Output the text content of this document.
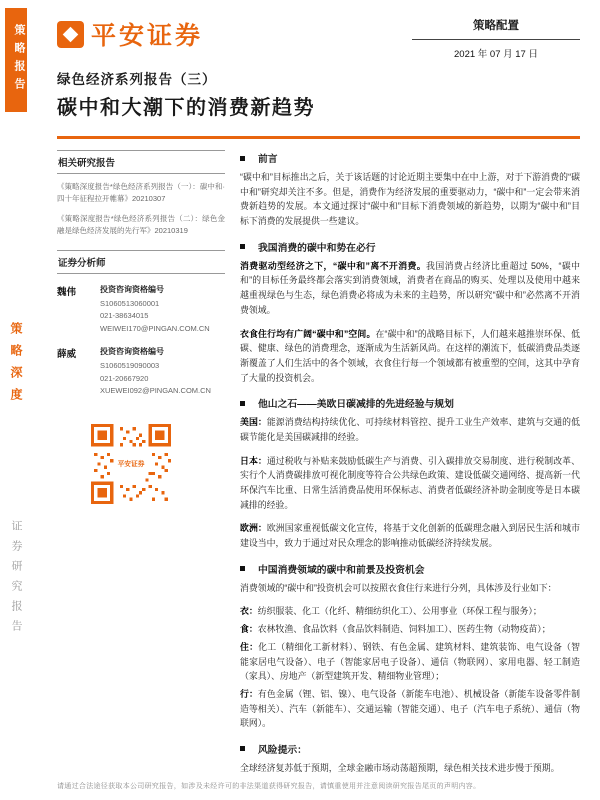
策略报告
策略深度
证券研究报告
平安证券	策略配置
2021 年 07 月 17 日
绿色经济系列报告（三）
碳中和大潮下的消费新趋势
相关研究报告

《策略深度报告*绿色经济系列报告（一）：碳中和·四十年征程拉开帷幕》20210307

《策略深度报告*绿色经济系列报告（二）：绿色金融是绿色经济发展的先行军》20210319

证券分析师
魏伟	投资咨询资格编号
S1060513060001
021-38634015
WEIWEI170@PINGAN.COM.CN
薛威	投资咨询资格编号
S1060519090003
021-20667920
XUEWEI092@PINGAN.COM.CN
平安证券
前言

“碳中和”目标推出之后，关于该话题的讨论近期主要集中在中上游，对于下游消费的“碳中和”研究却关注不多。但是，消费作为经济发展的重要驱动力，“碳中和”一定会带来消费新趋势的发展。本文通过探讨“碳中和”目标下消费领域的新趋势，以期为“碳中和”目标下消费的发展提供一些建议。

我国消费的碳中和势在必行

消费驱动型经济之下，“碳中和”离不开消费。我国消费占经济比重超过 50%，“碳中和”的目标任务最终都会落实到消费领域，消费者在商品的购买、处理以及使用中越来越重视绿色与生态，绿色消费必将成为未来的主趋势，所以研究“碳中和”必然离不开消费领域。

衣食住行均有广阔“碳中和”空间。在“碳中和”的战略目标下，人们越来越推崇环保、低碳、健康、绿色的消费理念，逐渐成为生活新风尚。在这样的潮流下，低碳消费品类逐渐覆盖了人们生活中的各个领域，衣食住行每一个领域都有被重塑的空间，这其中孕育了大量的投资机会。

他山之石——美欧日碳减排的先进经验与规划

美国：能源消费结构持续优化、可持续材料管控、提升工业生产效率、建筑与交通的低碳节能化是美国碳减排的经验。

日本：通过税收与补贴来鼓励低碳生产与消费、引入碳排放交易制度、进行税制改革、实行个人消费碳排放可视化制度等符合公共绿色政策、建设低碳交通网络、提高新一代环保汽车比重、日常生活消费品使用环保标志、消费者低碳经济补助金制度等是日本碳减排的经验。

欧洲：欧洲国家重视低碳文化宣传，将基于文化创新的低碳理念融入到居民生活和城市建设当中，致力于通过对民众理念的影响推动低碳经济持续发展。

中国消费领域的碳中和前景及投资机会

消费领域的“碳中和”投资机会可以按照衣食住行来进行分列，具体涉及行业如下：

衣：纺织服装、化工（化纤、精细纺织化工）、公用事业（环保工程与服务）；

食：农林牧渔、食品饮料（食品饮料制造、饲料加工）、医药生物（动物疫苗）；

住：化工（精细化工新材料）、钢铁、有色金属、建筑材料、建筑装饰、电气设备（智能家居电气设备）、电子（智能家居电子设备）、通信（物联网）、家用电器、轻工制造（家具）、房地产（新型建筑开发、精细物业管理）；

行：有色金属（锂、铝、镍）、电气设备（新能车电池）、机械设备（新能车设备零件制造等相关）、汽车（新能车）、交通运输（智能交通）、电子（汽车电子系统）、通信（物联网）。

风险提示：

全球经济复苏低于预期，全球金融市场动荡超预期，绿色相关技术进步慢于预期。

请通过合法途径获取本公司研究报告，如涉及未经许可的非法渠道获得研究报告，请慎重使用并注意阅读研究报告尾页的声明内容。
